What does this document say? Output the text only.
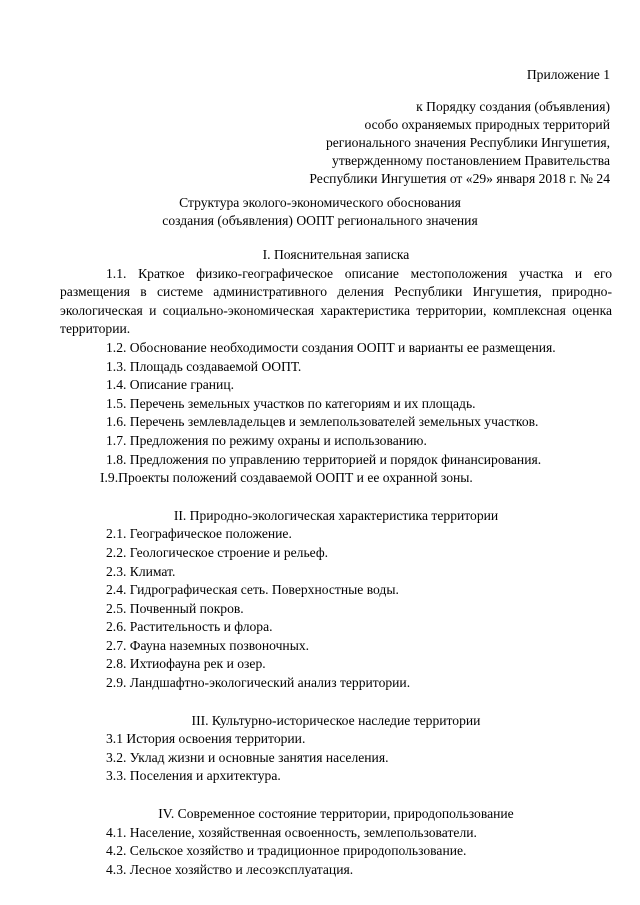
Приложение 1
к Порядку создания (объявления)
особо охраняемых природных территорий
регионального значения Республики Ингушетия,
утвержденному постановлением Правительства
Республики Ингушетия от «29» января 2018 г. № 24
Структура эколого-экономического обоснования
создания (объявления) ООПТ регионального значения

I. Пояснительная записка

1.1. Краткое физико-географическое описание местоположения участка и его размещения в системе административного деления Республики Ингушетия, природно-экологическая и социально-экономическая характеристика территории, комплексная оценка территории.

1.2. Обоснование необходимости создания ООПТ и варианты ее размещения.

1.3. Площадь создаваемой ООПТ.

1.4. Описание границ.

1.5. Перечень земельных участков по категориям и их площадь.

1.6. Перечень землевладельцев и землепользователей земельных участков.

1.7. Предложения по режиму охраны и использованию.

1.8. Предложения по управлению территорией и порядок финансирования.

I.9.Проекты положений создаваемой ООПТ и ее охранной зоны.

II. Природно-экологическая характеристика территории

2.1. Географическое положение.

2.2. Геологическое строение и рельеф.

2.3. Климат.

2.4. Гидрографическая сеть. Поверхностные воды.

2.5. Почвенный покров.

2.6. Растительность и флора.

2.7. Фауна наземных позвоночных.

2.8. Ихтиофауна рек и озер.

2.9. Ландшафтно-экологический анализ территории.

III. Культурно-историческое наследие территории

3.1 История освоения территории.

3.2. Уклад жизни и основные занятия населения.

3.3. Поселения и архитектура.

IV. Современное состояние территории, природопользование

4.1. Население, хозяйственная освоенность, землепользователи.

4.2. Сельское хозяйство и традиционное природопользование.

4.3. Лесное хозяйство и лесоэксплуатация.
